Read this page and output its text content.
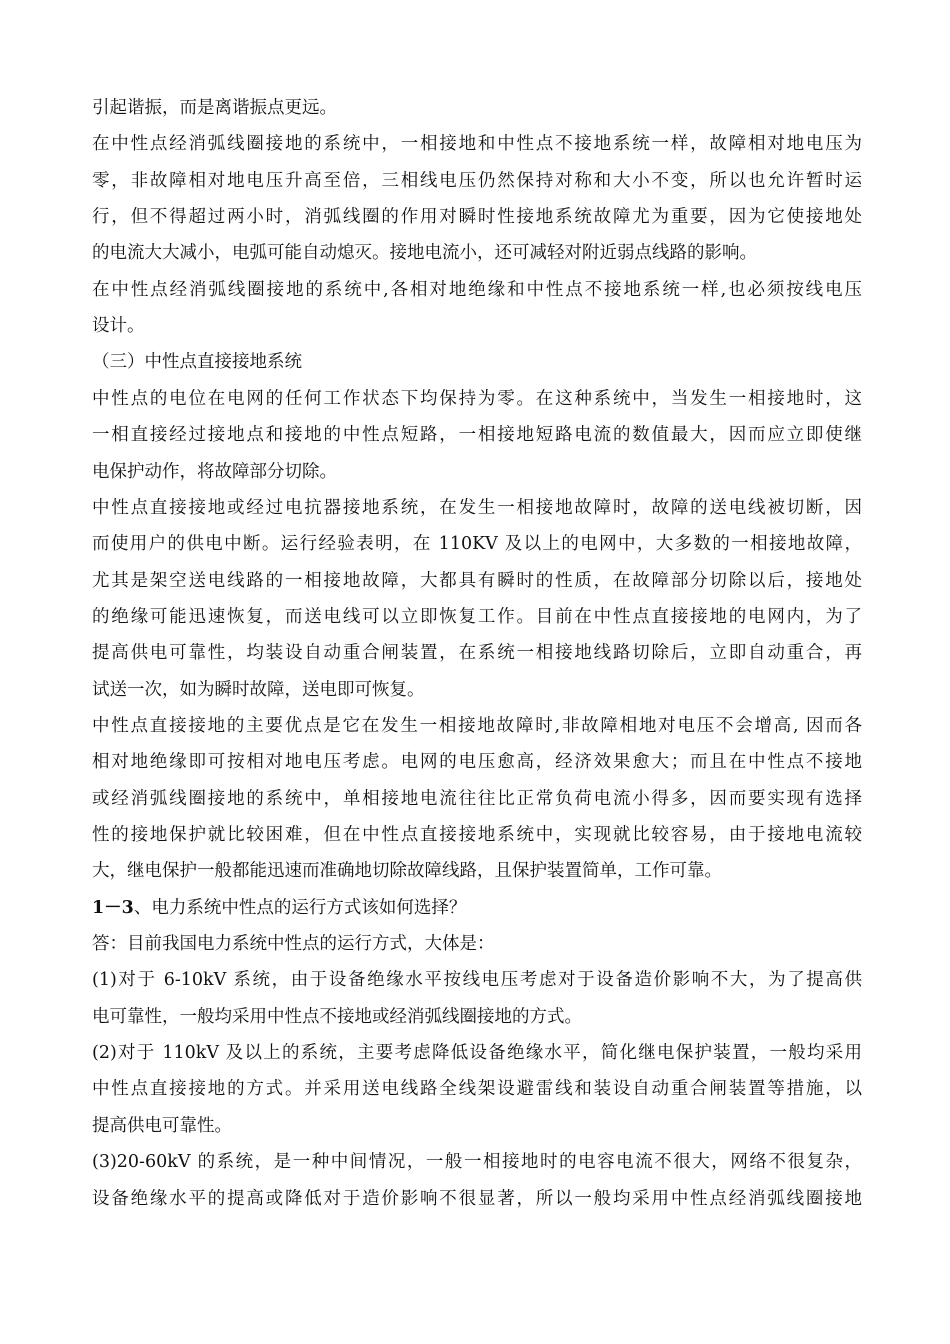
引起谐振，而是离谐振点更远。
在中性点经消弧线圈接地的系统中，一相接地和中性点不接地系统一样，故障相对地电压为
零，非故障相对地电压升高至倍，三相线电压仍然保持对称和大小不变，所以也允许暂时运
行，但不得超过两小时，消弧线圈的作用对瞬时性接地系统故障尤为重要，因为它使接地处
的电流大大减小，电弧可能自动熄灭。接地电流小，还可减轻对附近弱点线路的影响。
在中性点经消弧线圈接地的系统中,各相对地绝缘和中性点不接地系统一样,也必须按线电压
设计。
（三）中性点直接接地系统
中性点的电位在电网的任何工作状态下均保持为零。在这种系统中，当发生一相接地时，这
一相直接经过接地点和接地的中性点短路，一相接地短路电流的数值最大，因而应立即使继
电保护动作，将故障部分切除。
中性点直接接地或经过电抗器接地系统，在发生一相接地故障时，故障的送电线被切断，因
而使用户的供电中断。运行经验表明，在 110KV 及以上的电网中，大多数的一相接地故障，
尤其是架空送电线路的一相接地故障，大都具有瞬时的性质，在故障部分切除以后，接地处
的绝缘可能迅速恢复，而送电线可以立即恢复工作。目前在中性点直接接地的电网内，为了
提高供电可靠性，均装设自动重合闸装置，在系统一相接地线路切除后，立即自动重合，再
试送一次，如为瞬时故障，送电即可恢复。
中性点直接接地的主要优点是它在发生一相接地故障时,非故障相地对电压不会增高, 因而各
相对地绝缘即可按相对地电压考虑。电网的电压愈高，经济效果愈大；而且在中性点不接地
或经消弧线圈接地的系统中，单相接地电流往往比正常负荷电流小得多，因而要实现有选择
性的接地保护就比较困难，但在中性点直接接地系统中，实现就比较容易，由于接地电流较
大，继电保护一般都能迅速而准确地切除故障线路，且保护装置简单，工作可靠。
1－3、电力系统中性点的运行方式该如何选择？
答：目前我国电力系统中性点的运行方式，大体是：
(1)对于 6-10kV 系统，由于设备绝缘水平按线电压考虑对于设备造价影响不大，为了提高供
电可靠性，一般均采用中性点不接地或经消弧线圈接地的方式。
(2)对于 110kV 及以上的系统，主要考虑降低设备绝缘水平，简化继电保护装置，一般均采用
中性点直接接地的方式。并采用送电线路全线架设避雷线和装设自动重合闸装置等措施，以
提高供电可靠性。
(3)20-60kV 的系统，是一种中间情况，一般一相接地时的电容电流不很大，网络不很复杂，
设备绝缘水平的提高或降低对于造价影响不很显著，所以一般均采用中性点经消弧线圈接地
